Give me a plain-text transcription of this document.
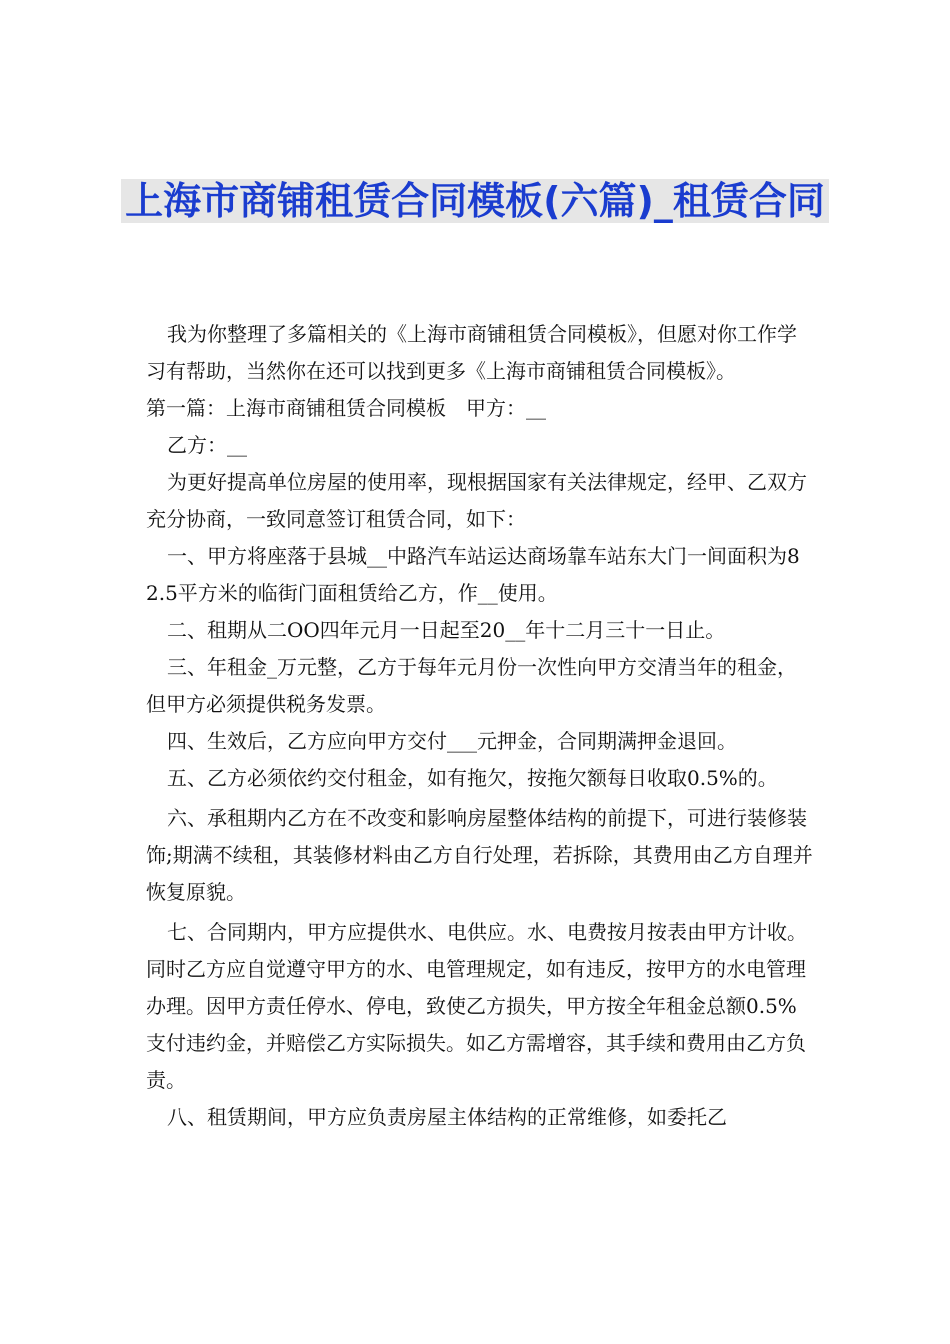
上海市商铺租赁合同模板(六篇)_租赁合同

我为你整理了多篇相关的《上海市商铺租赁合同模板》，但愿对你工作学习有帮助，当然你在还可以找到更多《上海市商铺租赁合同模板》。

第一篇：上海市商铺租赁合同模板　甲方：__

乙方：__

为更好提高单位房屋的使用率，现根据国家有关法律规定，经甲、乙双方充分协商，一致同意签订租赁合同，如下：

一、甲方将座落于县城__中路汽车站运达商场靠车站东大门一间面积为82.5平方米的临街门面租赁给乙方，作__使用。

二、租期从二OO四年元月一日起至20__年十二月三十一日止。

三、年租金_万元整，乙方于每年元月份一次性向甲方交清当年的租金，但甲方必须提供税务发票。

四、生效后，乙方应向甲方交付___元押金，合同期满押金退回。

五、乙方必须依约交付租金，如有拖欠，按拖欠额每日收取0.5%的。

六、承租期内乙方在不改变和影响房屋整体结构的前提下，可进行装修装饰;期满不续租，其装修材料由乙方自行处理，若拆除，其费用由乙方自理并恢复原貌。

七、合同期内，甲方应提供水、电供应。水、电费按月按表由甲方计收。同时乙方应自觉遵守甲方的水、电管理规定，如有违反，按甲方的水电管理办理。因甲方责任停水、停电，致使乙方损失，甲方按全年租金总额0.5%支付违约金，并赔偿乙方实际损失。如乙方需增容，其手续和费用由乙方负责。

八、租赁期间，甲方应负责房屋主体结构的正常维修，如委托乙
